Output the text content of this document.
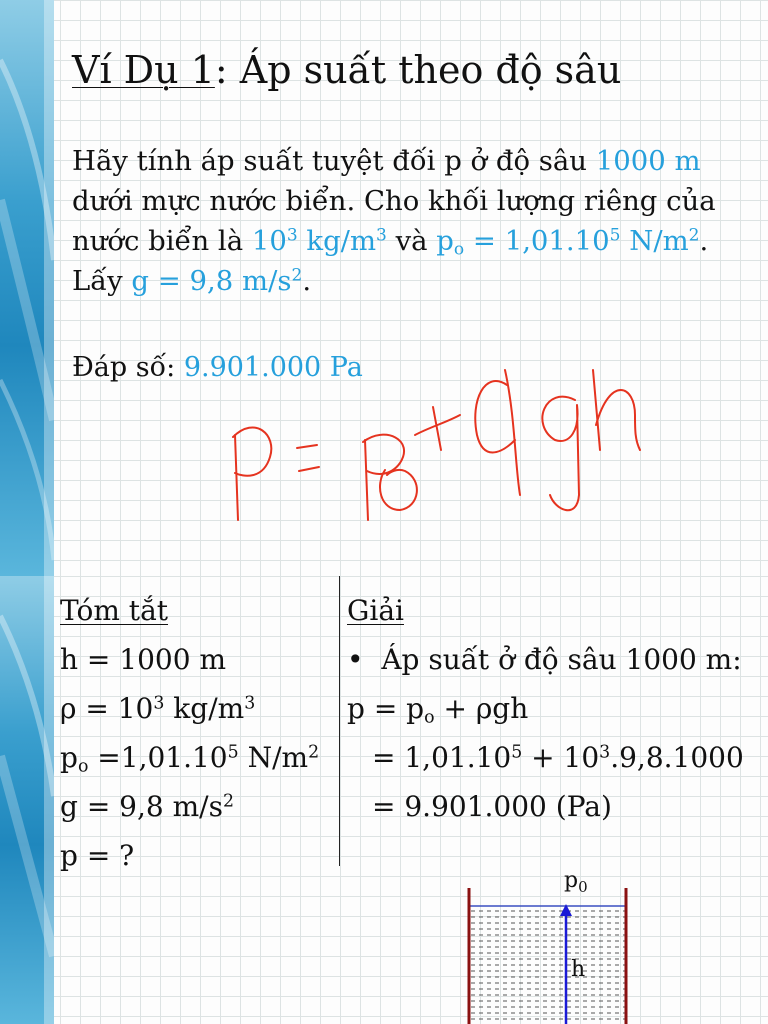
Ví Dụ 1: Áp suất theo độ sâu
Hãy tính áp suất tuyệt đối p ở độ sâu 1000 m dưới mực nước biển. Cho khối lượng riêng của nước biển là $10^3$ $kg/m^3$ và $p_o = 1,01.10^5$ $N/m^2$. Lấy g = 9,8 $m/s^2$.
Đáp số: 9.901.000 Pa
Tóm tắt
h = 1000 m
$\rho = 10^3$ $kg/m^3$
$p_o =1,01.10^5$ $N/m^2$
g = 9,8 $m/s^2$
p = ?
Giải
• Áp suất ở độ sâu 1000 m:
$p = p_o + \rho gh$
= $1,01.10^5 + 10^3.9,8.1000$
= 9.901.000 (Pa)
$p_0$
h
